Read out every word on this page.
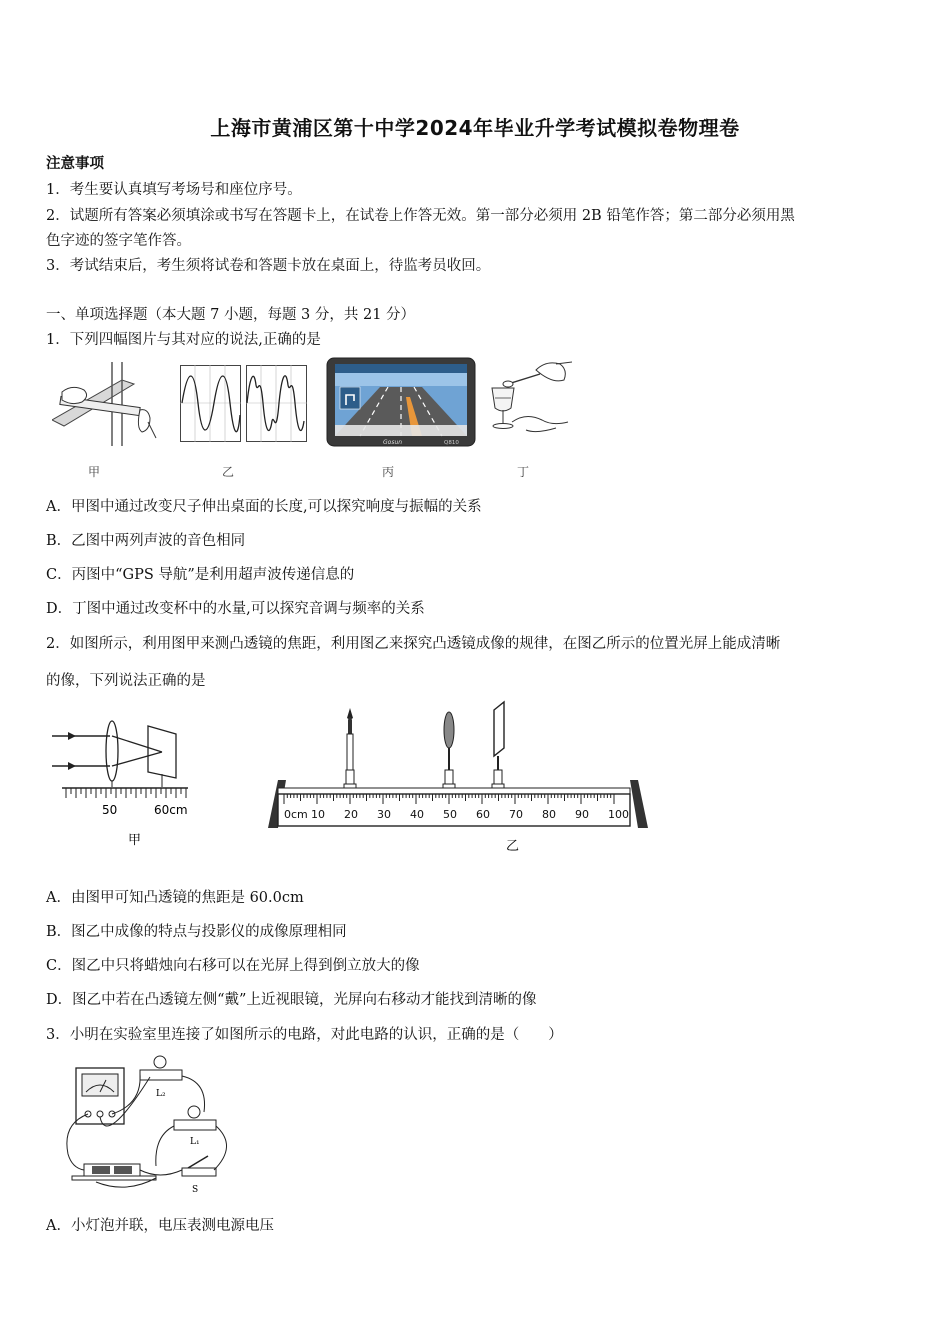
上海市黄浦区第十中学2024年毕业升学考试模拟卷物理卷
注意事项
1．考生要认真填写考场号和座位序号。
2．试题所有答案必须填涂或书写在答题卡上，在试卷上作答无效。第一部分必须用 2B 铅笔作答；第二部分必须用黑
色字迹的签字笔作答。
3．考试结束后，考生须将试卷和答题卡放在桌面上，待监考员收回。
一、单项选择题（本大题 7 小题，每题 3 分，共 21 分）
1．下列四幅图片与其对应的说法,正确的是
甲	乙
Gosun	Q810
丙	丁
A．甲图中通过改变尺子伸出桌面的长度,可以探究响度与振幅的关系
B．乙图中两列声波的音色相同
C．丙图中“GPS 导航”是利用超声波传递信息的
D．丁图中通过改变杯中的水量,可以探究音调与频率的关系
2．如图所示，利用图甲来测凸透镜的焦距，利用图乙来探究凸透镜成像的规律，在图乙所示的位置光屏上能成清晰
的像，下列说法正确的是
50	60cm
甲
0cm 10 20 30 40 50 60 70 80 90 100
乙
A．由图甲可知凸透镜的焦距是 60.0cm
B．图乙中成像的特点与投影仪的成像原理相同
C．图乙中只将蜡烛向右移可以在光屏上得到倒立放大的像
D．图乙中若在凸透镜左侧“戴”上近视眼镜，光屏向右移动才能找到清晰的像
3．小明在实验室里连接了如图所示的电路，对此电路的认识，正确的是（　　）
L₂
L₁
S
A．小灯泡并联，电压表测电源电压
